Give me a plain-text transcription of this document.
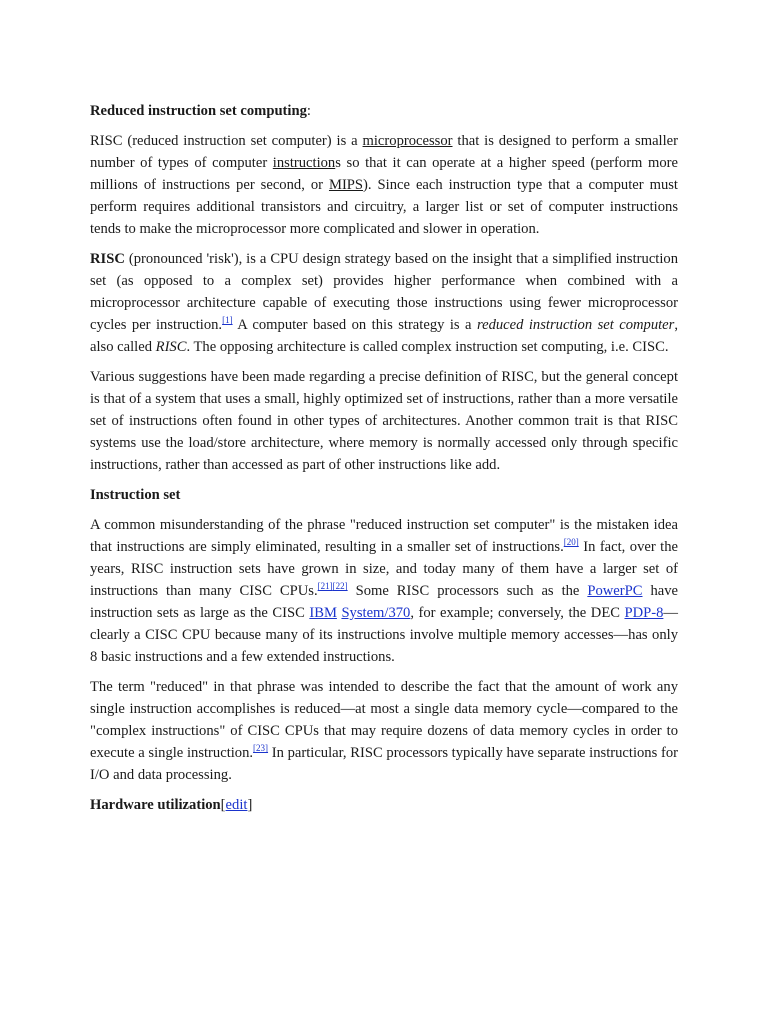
Reduced instruction set computing:

RISC (reduced instruction set computer) is a microprocessor that is designed to perform a smaller number of types of computer instructions so that it can operate at a higher speed (perform more millions of instructions per second, or MIPS). Since each instruction type that a computer must perform requires additional transistors and circuitry, a larger list or set of computer instructions tends to make the microprocessor more complicated and slower in operation.

RISC (pronounced 'risk'), is a CPU design strategy based on the insight that a simplified instruction set (as opposed to a complex set) provides higher performance when combined with a microprocessor architecture capable of executing those instructions using fewer microprocessor cycles per instruction.[1] A computer based on this strategy is a reduced instruction set computer, also called RISC. The opposing architecture is called complex instruction set computing, i.e. CISC.

Various suggestions have been made regarding a precise definition of RISC, but the general concept is that of a system that uses a small, highly optimized set of instructions, rather than a more versatile set of instructions often found in other types of architectures. Another common trait is that RISC systems use the load/store architecture, where memory is normally accessed only through specific instructions, rather than accessed as part of other instructions like add.

Instruction set

A common misunderstanding of the phrase "reduced instruction set computer" is the mistaken idea that instructions are simply eliminated, resulting in a smaller set of instructions.[20] In fact, over the years, RISC instruction sets have grown in size, and today many of them have a larger set of instructions than many CISC CPUs.[21][22] Some RISC processors such as the PowerPC have instruction sets as large as the CISC IBM System/370, for example; conversely, the DEC PDP-8—clearly a CISC CPU because many of its instructions involve multiple memory accesses—has only 8 basic instructions and a few extended instructions.

The term "reduced" in that phrase was intended to describe the fact that the amount of work any single instruction accomplishes is reduced—at most a single data memory cycle—compared to the "complex instructions" of CISC CPUs that may require dozens of data memory cycles in order to execute a single instruction.[23] In particular, RISC processors typically have separate instructions for I/O and data processing.

Hardware utilization[edit]
